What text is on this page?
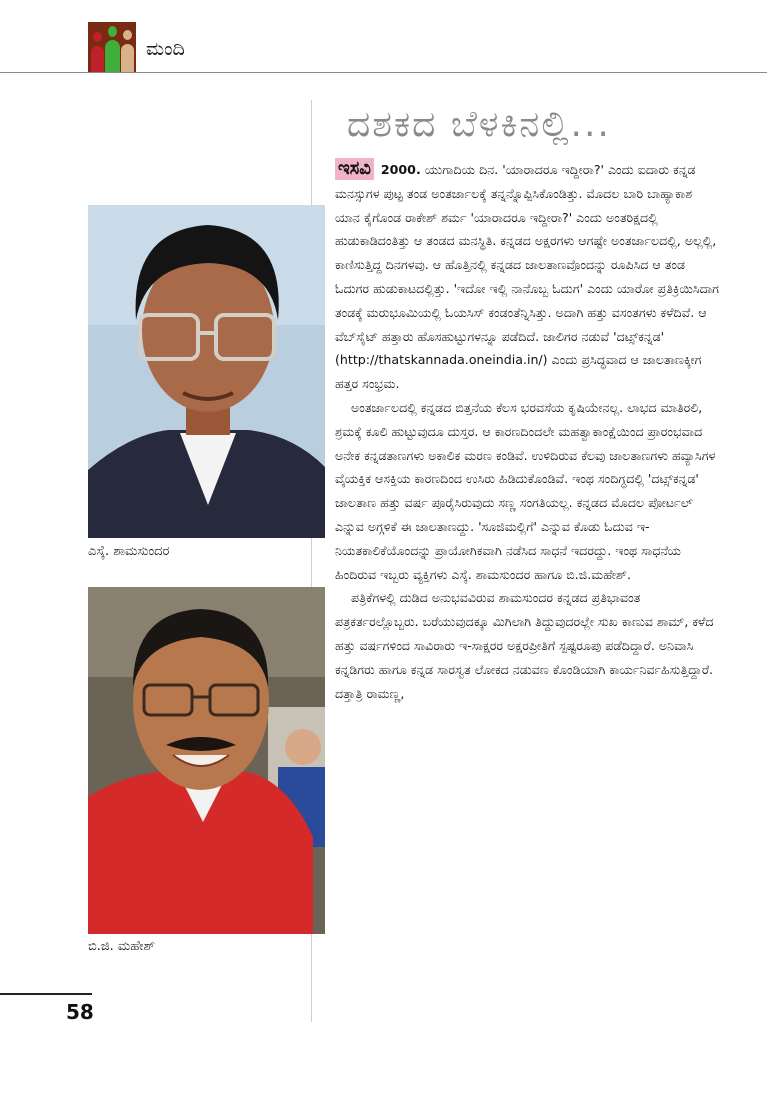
ಮಂದಿ
ಎಸ್ಕೆ. ಶಾಮಸುಂದರ
ಬಿ.ಜಿ. ಮಹೇಶ್
ದಶಕದ ಬೆಳಕಿನಲ್ಲಿ...

ಇಸವಿ 2000. ಯುಗಾದಿಯ ದಿನ. 'ಯಾರಾದರೂ ಇದ್ದೀರಾ?' ಎಂದು ಐದಾರು ಕನ್ನಡ ಮನಸ್ಸುಗಳ ಪುಟ್ಟ ತಂಡ ಅಂತರ್ಜಾಲಕ್ಕೆ ತನ್ನನ್ನೊಪ್ಪಿಸಿಕೊಂಡಿತ್ತು. ಮೊದಲ ಬಾರಿ ಬಾಹ್ಯಾಕಾಶ ಯಾನ ಕೈಗೊಂಡ ರಾಕೇಶ್ ಶರ್ಮ 'ಯಾರಾದರೂ ಇದ್ದೀರಾ?' ಎಂದು ಅಂತರಿಕ್ಷದಲ್ಲಿ ಹುಡುಕಾಡಿದಂತಿತ್ತು ಆ ತಂಡದ ಮನಸ್ಥಿತಿ. ಕನ್ನಡದ ಅಕ್ಷರಗಳು ಆಗಷ್ಟೇ ಅಂತರ್ಜಾಲದಲ್ಲಿ, ಅಲ್ಲಲ್ಲಿ, ಕಾಣಿಸುತ್ತಿದ್ದ ದಿನಗಳವು. ಆ ಹೊತ್ತಿನಲ್ಲಿ ಕನ್ನಡದ ಜಾಲತಾಣವೊಂದನ್ನು ರೂಪಿಸಿದ ಆ ತಂಡ ಓದುಗರ ಹುಡುಕಾಟದಲ್ಲಿತ್ತು. 'ಇದೋ ಇಲ್ಲಿ ನಾನೊಬ್ಬ ಓದುಗ' ಎಂದು ಯಾರೋ ಪ್ರತಿಕ್ರಿಯಿಸಿದಾಗ ತಂಡಕ್ಕೆ ಮರುಭೂಮಿಯಲ್ಲಿ ಓಯಸಿಸ್ ಕಂಡಂತೆನ್ನಿಸಿತ್ತು. ಅದಾಗಿ ಹತ್ತು ವಸಂತಗಳು ಕಳೆದಿವೆ. ಆ ವೆಬ್‌ಸೈಟ್ ಹತ್ತಾರು ಹೊಸಹುಟ್ಟುಗಳನ್ನೂ ಪಡೆದಿದೆ. ಜಾಲಿಗರ ನಡುವೆ 'ದಟ್ಸ್‌ಕನ್ನಡ' (http://thatskannada.oneindia.in/) ಎಂದು ಪ್ರಸಿದ್ಧವಾದ ಆ ಜಾಲತಾಣಕ್ಕೀಗ ಹತ್ತರ ಸಂಭ್ರಮ.

ಅಂತರ್ಜಾಲದಲ್ಲಿ ಕನ್ನಡದ ಬಿತ್ತನೆಯ ಕೆಲಸ ಭರವಸೆಯ ಕೃಷಿಯೇನಲ್ಲ. ಲಾಭದ ಮಾತಿರಲಿ, ಶ್ರಮಕ್ಕೆ ಕೂಲಿ ಹುಟ್ಟುವುದೂ ದುಸ್ತರ. ಆ ಕಾರಣದಿಂದಲೇ ಮಹತ್ವಾಕಾಂಕ್ಷೆಯಿಂದ ಪ್ರಾರಂಭವಾದ ಅನೇಕ ಕನ್ನಡತಾಣಗಳು ಅಕಾಲಿಕ ಮರಣ ಕಂಡಿವೆ. ಉಳಿದಿರುವ ಕೆಲವು ಜಾಲತಾಣಗಳು ಹವ್ಯಾಸಿಗಳ ವೈಯಕ್ತಿಕ ಆಸಕ್ತಿಯ ಕಾರಣದಿಂದ ಉಸಿರು ಹಿಡಿದುಕೊಂಡಿವೆ. ಇಂಥ ಸಂದಿಗ್ಧದಲ್ಲಿ 'ದಟ್ಸ್‌ಕನ್ನಡ' ಜಾಲತಾಣ ಹತ್ತು ವರ್ಷ ಪೂರೈಸಿರುವುದು ಸಣ್ಣ ಸಂಗತಿಯಲ್ಲ. ಕನ್ನಡದ ಮೊದಲ ಪೋರ್ಟಲ್ ಎನ್ನುವ ಅಗ್ಗಳಿಕೆ ಈ ಜಾಲತಾಣದ್ದು. 'ಸೂಜಿಮಲ್ಲಿಗೆ' ಎನ್ನುವ ಕೊಡು ಓದುವ ಇ-ನಿಯತಕಾಲಿಕೆಯೊಂದನ್ನು ಪ್ರಾಯೋಗಿಕವಾಗಿ ನಡೆಸಿದ ಸಾಧನೆ ಇದರದ್ದು. ಇಂಥ ಸಾಧನೆಯ ಹಿಂದಿರುವ ಇಬ್ಬರು ವ್ಯಕ್ತಿಗಳು ಎಸ್ಕೆ. ಶಾಮಸುಂದರ ಹಾಗೂ ಬಿ.ಜಿ.ಮಹೇಶ್.

ಪತ್ರಿಕೆಗಳಲ್ಲಿ ದುಡಿದ ಅನುಭವವಿರುವ ಶಾಮಸುಂದರ ಕನ್ನಡದ ಪ್ರತಿಭಾವಂತ ಪತ್ರಕರ್ತರಲ್ಲೊಬ್ಬರು. ಬರೆಯುವುದಕ್ಕೂ ಮಿಗಿಲಾಗಿ ತಿದ್ದುವುದರಲ್ಲೇ ಸುಖ ಕಾಣುವ ಶಾಮ್, ಕಳೆದ ಹತ್ತು ವರ್ಷಗಳಿಂದ ಸಾವಿರಾರು ಇ-ಸಾಕ್ಷರರ ಅಕ್ಷರಪ್ರೀತಿಗೆ ಸ್ಪಷ್ಟರೂಪು ಪಡೆದಿದ್ದಾರೆ. ಅನಿವಾಸಿ ಕನ್ನಡಿಗರು ಹಾಗೂ ಕನ್ನಡ ಸಾರಸ್ವತ ಲೋಕದ ನಡುವಣ ಕೊಂಡಿಯಾಗಿ ಕಾರ್ಯನಿರ್ವಹಿಸುತ್ತಿದ್ದಾರೆ. ದತ್ತಾತ್ರಿ ರಾಮಣ್ಣ,

58
